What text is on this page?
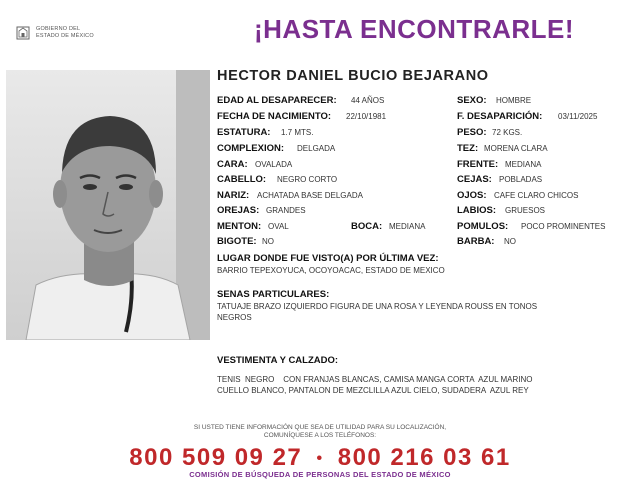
GOBIERNO DEL
ESTADO DE MÉXICO	¡HASTA ENCONTRARLE!
HECTOR DANIEL BUCIO BEJARANO
EDAD AL DESAPARECER: 44 AÑOS
FECHA DE NACIMIENTO: 22/10/1981
ESTATURA: 1.7 MTS.
COMPLEXION: DELGADA
CARA: OVALADA
CABELLO: NEGRO CORTO
NARIZ: ACHATADA BASE DELGADA
OREJAS: GRANDES
MENTON: OVAL	BOCA: MEDIANA
BIGOTE: NO
SEXO: HOMBRE
F. DESAPARICIÓN: 03/11/2025
PESO: 72 KGS.
TEZ: MORENA CLARA
FRENTE: MEDIANA
CEJAS: POBLADAS
OJOS: CAFE CLARO CHICOS
LABIOS: GRUESOS
POMULOS: POCO PROMINENTES
BARBA: NO
LUGAR DONDE FUE VISTO(A) POR ÚLTIMA VEZ:
BARRIO TEPEXOYUCA, OCOYOACAC, ESTADO DE MEXICO
SENAS PARTICULARES:
TATUAJE BRAZO IZQUIERDO FIGURA DE UNA ROSA Y LEYENDA ROUSS EN TONOS
NEGROS
VESTIMENTA Y CALZADO:
TENIS  NEGRO    CON FRANJAS BLANCAS, CAMISA MANGA CORTA  AZUL MARINO
CUELLO BLANCO, PANTALON DE MEZCLILLA AZUL CIELO, SUDADERA  AZUL REY
SI USTED TIENE INFORMACIÓN QUE SEA DE UTILIDAD PARA SU LOCALIZACIÓN,
COMUNÍQUESE A LOS TELÉFONOS:
800 509 09 27 • 800 216 03 61
COMISIÓN DE BÚSQUEDA DE PERSONAS DEL ESTADO DE MÉXICO
